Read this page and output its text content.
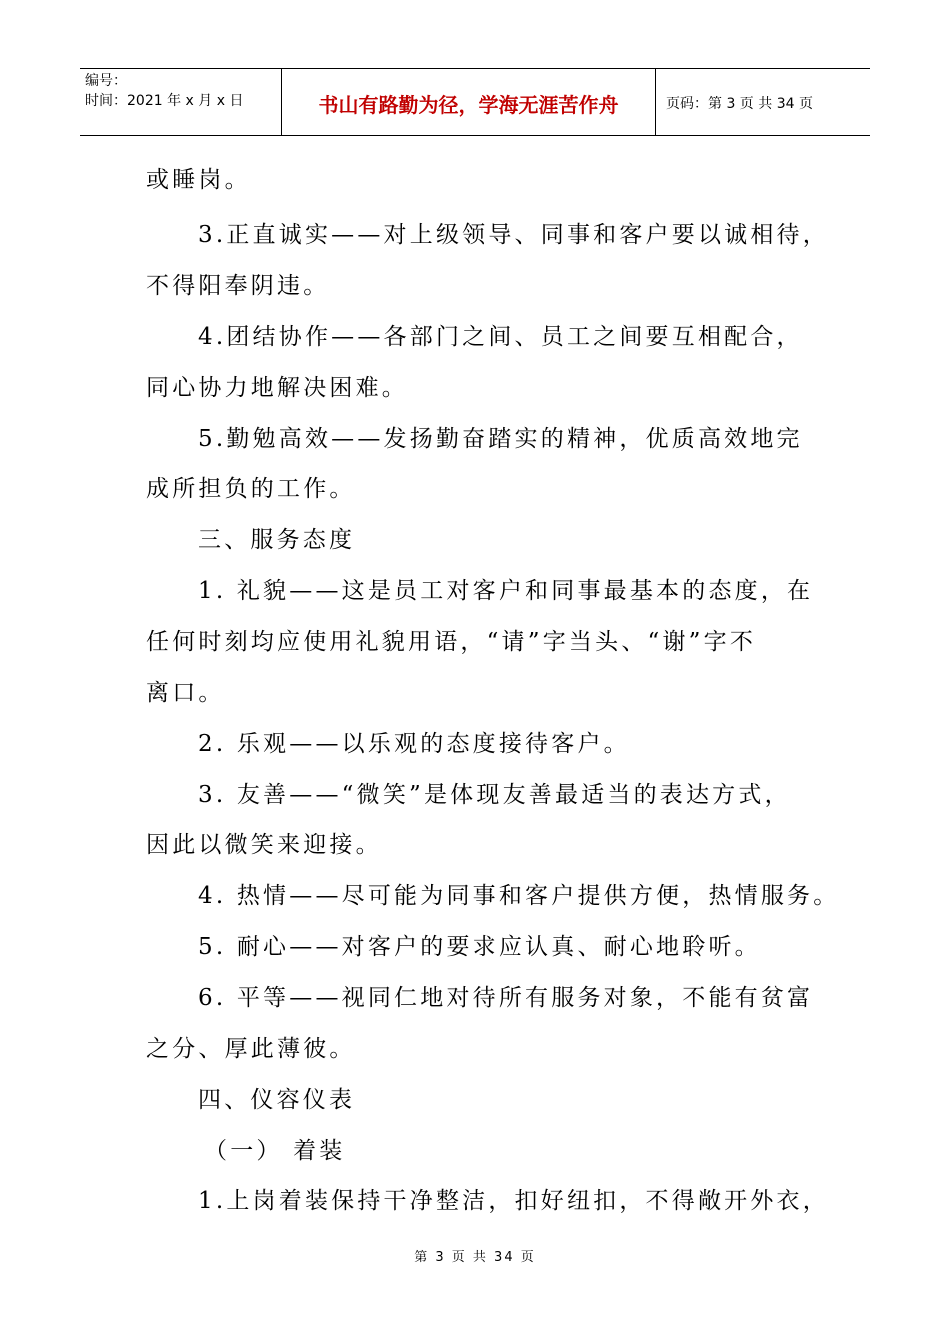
编号：
时间：2021 年 x 月 x 日	书山有路勤为径，学海无涯苦作舟	页码：第 3 页 共 34 页
或睡岗。
3.正直诚实——对上级领导、同事和客户要以诚相待，
不得阳奉阴违。
4.团结协作——各部门之间、员工之间要互相配合，
同心协力地解决困难。
5.勤勉高效——发扬勤奋踏实的精神，优质高效地完
成所担负的工作。
三、服务态度
1. 礼貌——这是员工对客户和同事最基本的态度，在
任何时刻均应使用礼貌用语，“请”字当头、“谢”字不
离口。
2. 乐观——以乐观的态度接待客户。
3. 友善——“微笑”是体现友善最适当的表达方式，
因此以微笑来迎接。
4. 热情——尽可能为同事和客户提供方便，热情服务。
5. 耐心——对客户的要求应认真、耐心地聆听。
6. 平等——视同仁地对待所有服务对象，不能有贫富
之分、厚此薄彼。
四、仪容仪表
（一） 着装
1.上岗着装保持干净整洁，扣好纽扣，不得敞开外衣，
第 3 页 共 34 页
